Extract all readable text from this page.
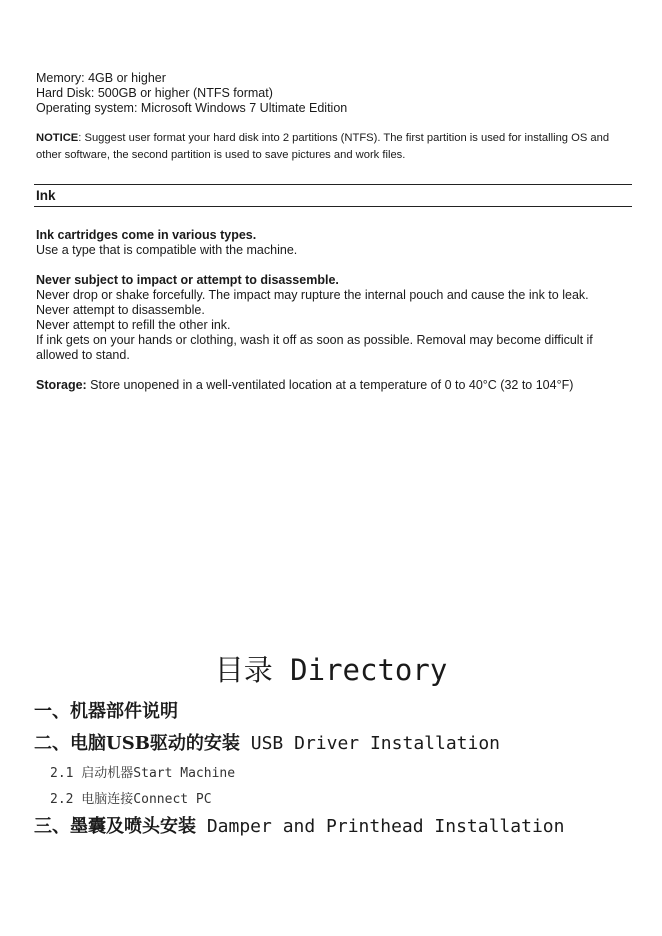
Memory: 4GB or higher
Hard Disk: 500GB or higher (NTFS format)
Operating system: Microsoft Windows 7 Ultimate Edition
NOTICE: Suggest user format your hard disk into 2 partitions (NTFS). The first partition is used for installing OS and other software, the second partition is used to save pictures and work files.
Ink
Ink cartridges come in various types.
Use a type that is compatible with the machine.
Never subject to impact or attempt to disassemble.
Never drop or shake forcefully. The impact may rupture the internal pouch and cause the ink to leak.
Never attempt to disassemble.
Never attempt to refill the other ink.
If ink gets on your hands or clothing, wash it off as soon as possible. Removal may become difficult if allowed to stand.
Storage: Store unopened in a well-ventilated location at a temperature of 0 to 40°C (32 to 104°F)
目录 Directory
一、机器部件说明
二、电脑USB驱动的安装 USB Driver Installation
2.1 启动机器Start Machine
2.2 电脑连接Connect PC
三、墨囊及喷头安装 Damper and Printhead Installation
